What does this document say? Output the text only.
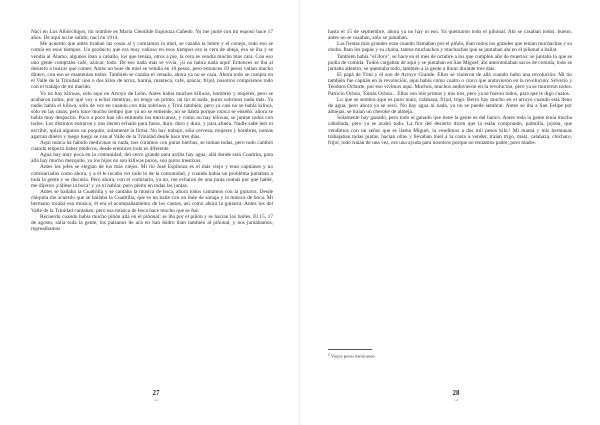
Nací en Los Albórchigos, mi nombre es María Cleotilde Espinoza Cañedo. Yo me junté con mi esposo hace 17 años. De aquí no he salido, nací en 1914.

Me acuerdo que antes tiraban las cosas al y comíamos la miel, se cazaba la liebre y el conejo, todo eso se comía en esos tiempos. Un producto que era muy valioso en esos tiempos era la cera de abeja, ésa se iba y se vendía al Álamo, algunos iban a caballo, los que tenían, otros a pie, la cera se vendía mucho más cara. Con eso uno gente compraba café, azúcar, todo. De eso nada más se vivía, ¡si no había nada aquí! Entonces se iba al desierto a buscar que comer. Antes un bote de miel se vendía en 10 pesos, pero entonces 10 pesos valían mucho dinero, con eso se mantenían todos. También se cazaba el venado, ahora ya no se caza. Ahora todo se compra en el Valle de la Trinidad: uno o dos kilos de arroz, harina, manteca, café, azúcar, frijol, nosotros comprarnos todo con el trabajo de mi marido.

Yo no hay kiliwas, sólo aquí en Arroyo de León. Antes había muchos kiliwas, hombres y mujeres, pero se acabaron todos, por qué voy a echar mentiras, no tengo un primo, un tío ni nada, puros sobrinos nada más. Ya nadie habla el kiliwa, sólo de vez en cuando con mis sobrinos y Trini también, pero ya casi no se habla kiliwa, sólo en las casas, pero hace mucho tiempo que ya no se entiende, no se habla porque nunca se enseñó, ahora se habla muy despacito. Poco a poco han ido entrando los mexicanos, y como no hay kiliwas, se juntan todos con todos. Los distintos entraron y nos tienen echado para fuera, duro, duro y duro, y para afuera. Nadie sabe leer ni escribir, quizá algunos un poquito, solamente la firma. No hay trabajo, sólo cerveza, mujeres y hombres, nomás agarran dinero y luego luego se van al Valle de la Trinidad desde hace tres días.

Aquí nunca ha habido medicinas ni nada, nos curamos con puras hierbas, se toman todas, pero todo cambió cuando empezó haber médicos, desde entonces todo es diferente.

Agua hay muy poca en la comunidad; del cerro grande para arriba hay agua, allá donde está Cuadrita, para allá hay mucho mezquite, ya los hijos no son kiliwas puros, son puros mestizos.

Antes los jefes se elegían de los más viejos. Mi tío José Espinoza es el más viejo y eran capitanes y no comisariados como ahora, y a él le tocaba ver todo lo de la comunidad, y cuando había un problema juntaban a toda la gente y se discutía. Pero ahora, con el comisario, ya no, me echaron de una junta nomás por que hablé, me dijeron ¡cállese la boca! y ya ni hablar, puro pleito en todas las juntas.

Antes se bailaba la Cuadrilla y se cantaba la música de boca, ahora todos cantamos con la guitarra. Desde chiquita me acuerdo que se bailaba la Cuadrilla, que es un baile con un bule de sonaja y la música de boca. Mi hermano tocaba esa música, él era el acompañamiento de los cantos, así como ahora la guitarra. Antes los del Valle de la Trinidad cantaban, pero esa música de boca hace mucho que se fue.

Recuerdo cuando había mucho piñón allá en el piñonal; se iba por el piñón y se hacían los bailes. El 15, 17 de agosto, salía toda la gente, los paisanos de acá en San Isidro iban también al piñonal, y nos juntábamos, regresábamos

27
r-as

hasta el 15 de septiembre, ahora ya no hay ni eso. Ya quemaron todo el piñonal. Ahí se casaban todos; bueno, antes no se casaban, sólo se juntaban.

Las fiestas más grandes eran cuando llamaban por el piñón, iban todos los grandes que tenían muchachas y su choba. Iban los papás y su choba, tantos muchachos y muchachas que se juntaban ahí en el piñonal a bailar.

También había "el lloro", se hace en el mes de octubre a los que cumplen año de muertos; se juntaba lo que se podía de comida. Todos cargaban de aquí y se juntaban en San Miguel, ahí amontonaban sacos de comida, todo se juntaba adentro; se quemaba todo, también a la gente a llorar durante tres días.

El papá de Trini y él son de Arroyo Grande. Ellos se vinieron de allá cuando hubo una revolución. Mi tío también fue capitán en la revolución, aquí había como cuatro o cinco que anduvieron en la revolución: Silverio y Teodoro Ochurte, por eso vivimos aquí. Muchos, muchos anduvieron en la revolución, pero ya se murieron todos. Patricio Ochoa, Tomás Ochoa... Ellos son mis primos y mis tíos, pero ya se fueron todos, para qué le digo cuatos.

Lo que se sembra aquí es puro maíz, calabaza, frijol, trigo. Berro hay mucho en el arroyo cuando está lleno de agua, pero ahora ya se secó. No hay agua ni nada, ya no se puede sembrar. Antes se iba a San Felipe por almejas, se traían un cheroke de almeja.

Solamente hay ganado, pero todo el ganado que tiene la gente es del banco. Antes toda la gente tenía mucha caballada, pero ya se acabó todo. La flor del desierto dicen que la están comprando, palmilla, jojoba, que vendimos con un señor que se llama Miguel, la vendimos a dos mil pesos kilo.¹ Mi mamá y mis hermanas trabajaban todas juntas, hacían ollas y llevaban miel a la costa a vender, traían trigo, maíz, calabaza, chícharo, frijol, todo traían de una vez, era una ayuda para nosotros porque no teníamos padre, puro madre.

$^1$ Viejos pesos mexicanos.
28
r-as
